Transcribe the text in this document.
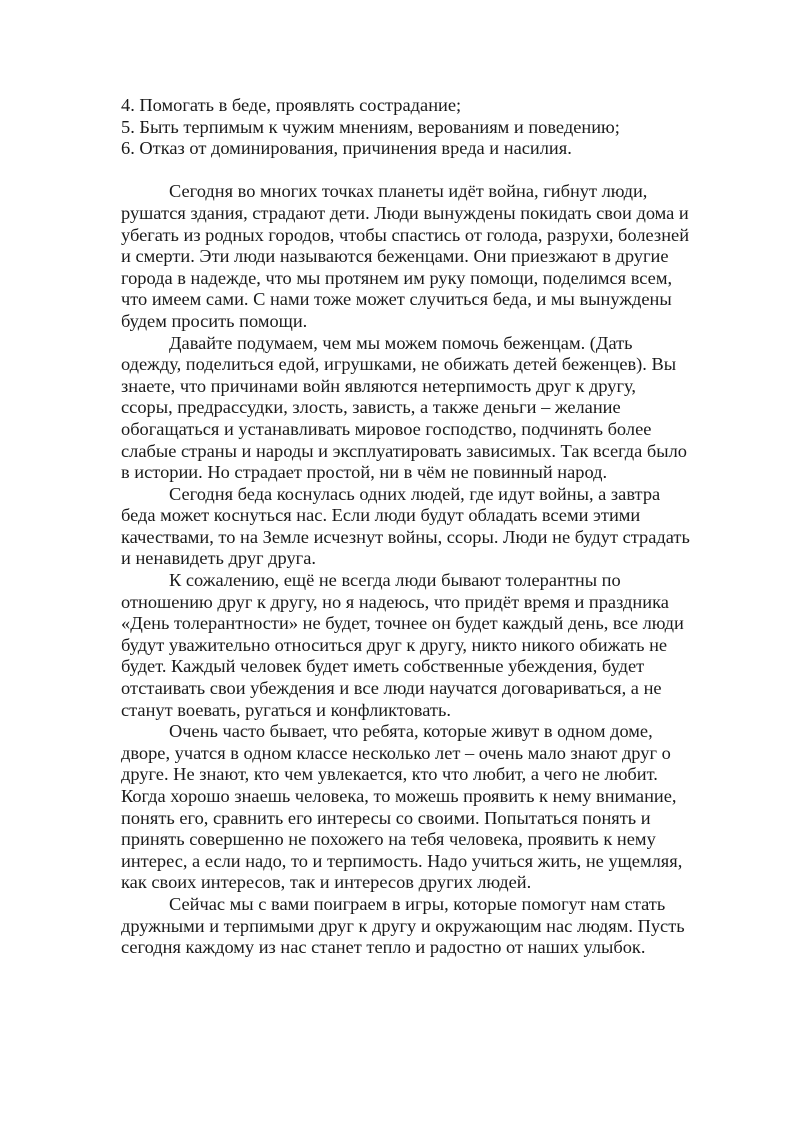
4. Помогать в беде, проявлять сострадание;

5. Быть терпимым к чужим мнениям, верованиям и поведению;

6. Отказ от доминирования, причинения вреда и насилия.

Сегодня во многих точках планеты идёт война, гибнут люди, рушатся здания, страдают дети. Люди вынуждены покидать свои дома и убегать из родных городов, чтобы спастись от голода, разрухи, болезней и смерти. Эти люди называются беженцами. Они приезжают в другие города в надежде, что мы протянем им руку помощи, поделимся всем, что имеем сами. С нами тоже может случиться беда, и мы вынуждены будем просить помощи.

Давайте подумаем, чем мы можем помочь беженцам. (Дать одежду, поделиться едой, игрушками, не обижать детей беженцев). Вы знаете, что причинами войн являются нетерпимость друг к другу, ссоры, предрассудки, злость, зависть, а также деньги – желание обогащаться и устанавливать мировое господство, подчинять более слабые страны и народы и эксплуатировать зависимых. Так всегда было в истории. Но страдает простой, ни в чём не повинный народ.

Сегодня беда коснулась одних людей, где идут войны, а завтра беда может коснуться нас. Если люди будут обладать всеми этими качествами, то на Земле исчезнут войны, ссоры. Люди не будут страдать и ненавидеть друг друга.

К сожалению, ещё не всегда люди бывают толерантны по отношению друг к другу, но я надеюсь, что придёт время и праздника «День толерантности» не будет, точнее он будет каждый день, все люди будут уважительно относиться друг к другу, никто никого обижать не будет. Каждый человек будет иметь собственные убеждения, будет отстаивать свои убеждения и все люди научатся договариваться, а не станут воевать, ругаться и конфликтовать.

Очень часто бывает, что ребята, которые живут в одном доме, дворе, учатся в одном классе несколько лет – очень мало знают друг о друге. Не знают, кто чем увлекается, кто что любит, а чего не любит. Когда хорошо знаешь человека, то можешь проявить к нему внимание, понять его, сравнить его интересы со своими. Попытаться понять и принять совершенно не похожего на тебя человека, проявить к нему интерес, а если надо, то и терпимость. Надо учиться жить, не ущемляя, как своих интересов, так и интересов других людей.

Сейчас мы с вами поиграем в игры, которые помогут нам стать дружными и терпимыми друг к другу и окружающим нас людям. Пусть сегодня каждому из нас станет тепло и радостно от наших улыбок.
